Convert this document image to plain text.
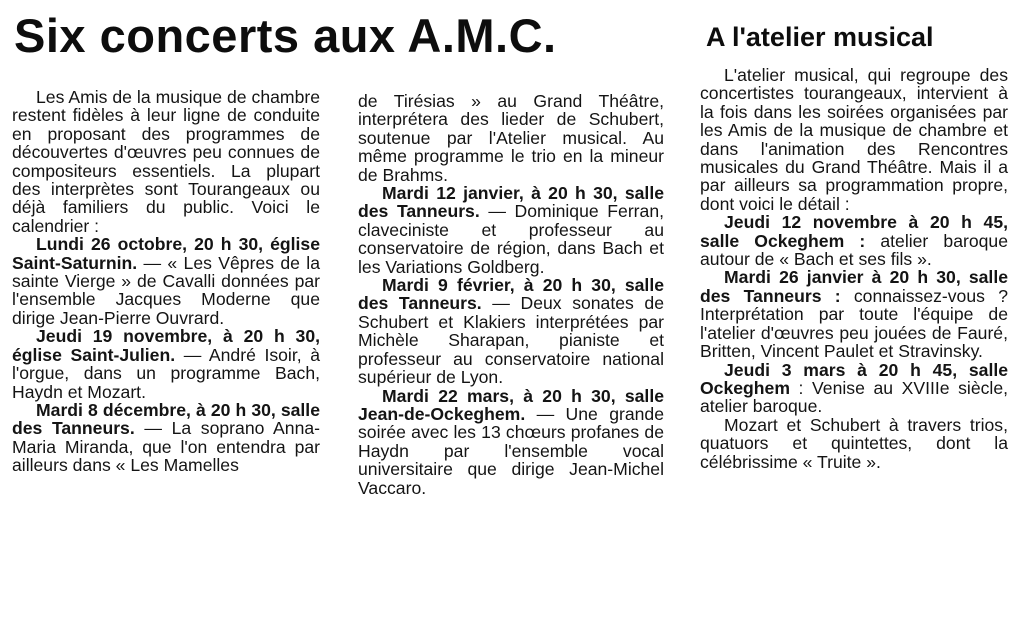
Six concerts aux A.M.C.	A l'atelier musical

Les Amis de la musique de chambre restent fidèles à leur ligne de conduite en proposant des programmes de découvertes d'œuvres peu connues de compositeurs essentiels. La plupart des interprètes sont Tourangeaux ou déjà familiers du public. Voici le calendrier :

Lundi 26 octobre, 20 h 30, église Saint-Saturnin. — « Les Vêpres de la sainte Vierge » de Cavalli données par l'ensemble Jacques Moderne que dirige Jean-Pierre Ouvrard.

Jeudi 19 novembre, à 20 h 30, église Saint-Julien. — André Isoir, à l'orgue, dans un programme Bach, Haydn et Mozart.

Mardi 8 décembre, à 20 h 30, salle des Tanneurs. — La soprano Anna-Maria Miranda, que l'on entendra par ailleurs dans « Les Mamelles

de Tirésias » au Grand Théâtre, interprétera des lieder de Schubert, soutenue par l'Atelier musical. Au même programme le trio en la mineur de Brahms.

Mardi 12 janvier, à 20 h 30, salle des Tanneurs. — Dominique Ferran, claveciniste et professeur au conservatoire de région, dans Bach et les Variations Goldberg.

Mardi 9 février, à 20 h 30, salle des Tanneurs. — Deux sonates de Schubert et Klakiers interprétées par Michèle Sharapan, pianiste et professeur au conservatoire national supérieur de Lyon.

Mardi 22 mars, à 20 h 30, salle Jean-de-Ockeghem. — Une grande soirée avec les 13 chœurs profanes de Haydn par l'ensemble vocal universitaire que dirige Jean-Michel Vaccaro.

L'atelier musical, qui regroupe des concertistes tourangeaux, intervient à la fois dans les soirées organisées par les Amis de la musique de chambre et dans l'animation des Rencontres musicales du Grand Théâtre. Mais il a par ailleurs sa programmation propre, dont voici le détail :

Jeudi 12 novembre à 20 h 45, salle Ockeghem : atelier baroque autour de « Bach et ses fils ».

Mardi 26 janvier à 20 h 30, salle des Tanneurs : connaissez-vous ? Interprétation par toute l'équipe de l'atelier d'œuvres peu jouées de Fauré, Britten, Vincent Paulet et Stravinsky.

Jeudi 3 mars à 20 h 45, salle Ockeghem : Venise au XVIIIe siècle, atelier baroque.

Mozart et Schubert à travers trios, quatuors et quintettes, dont la célébrissime « Truite ».
